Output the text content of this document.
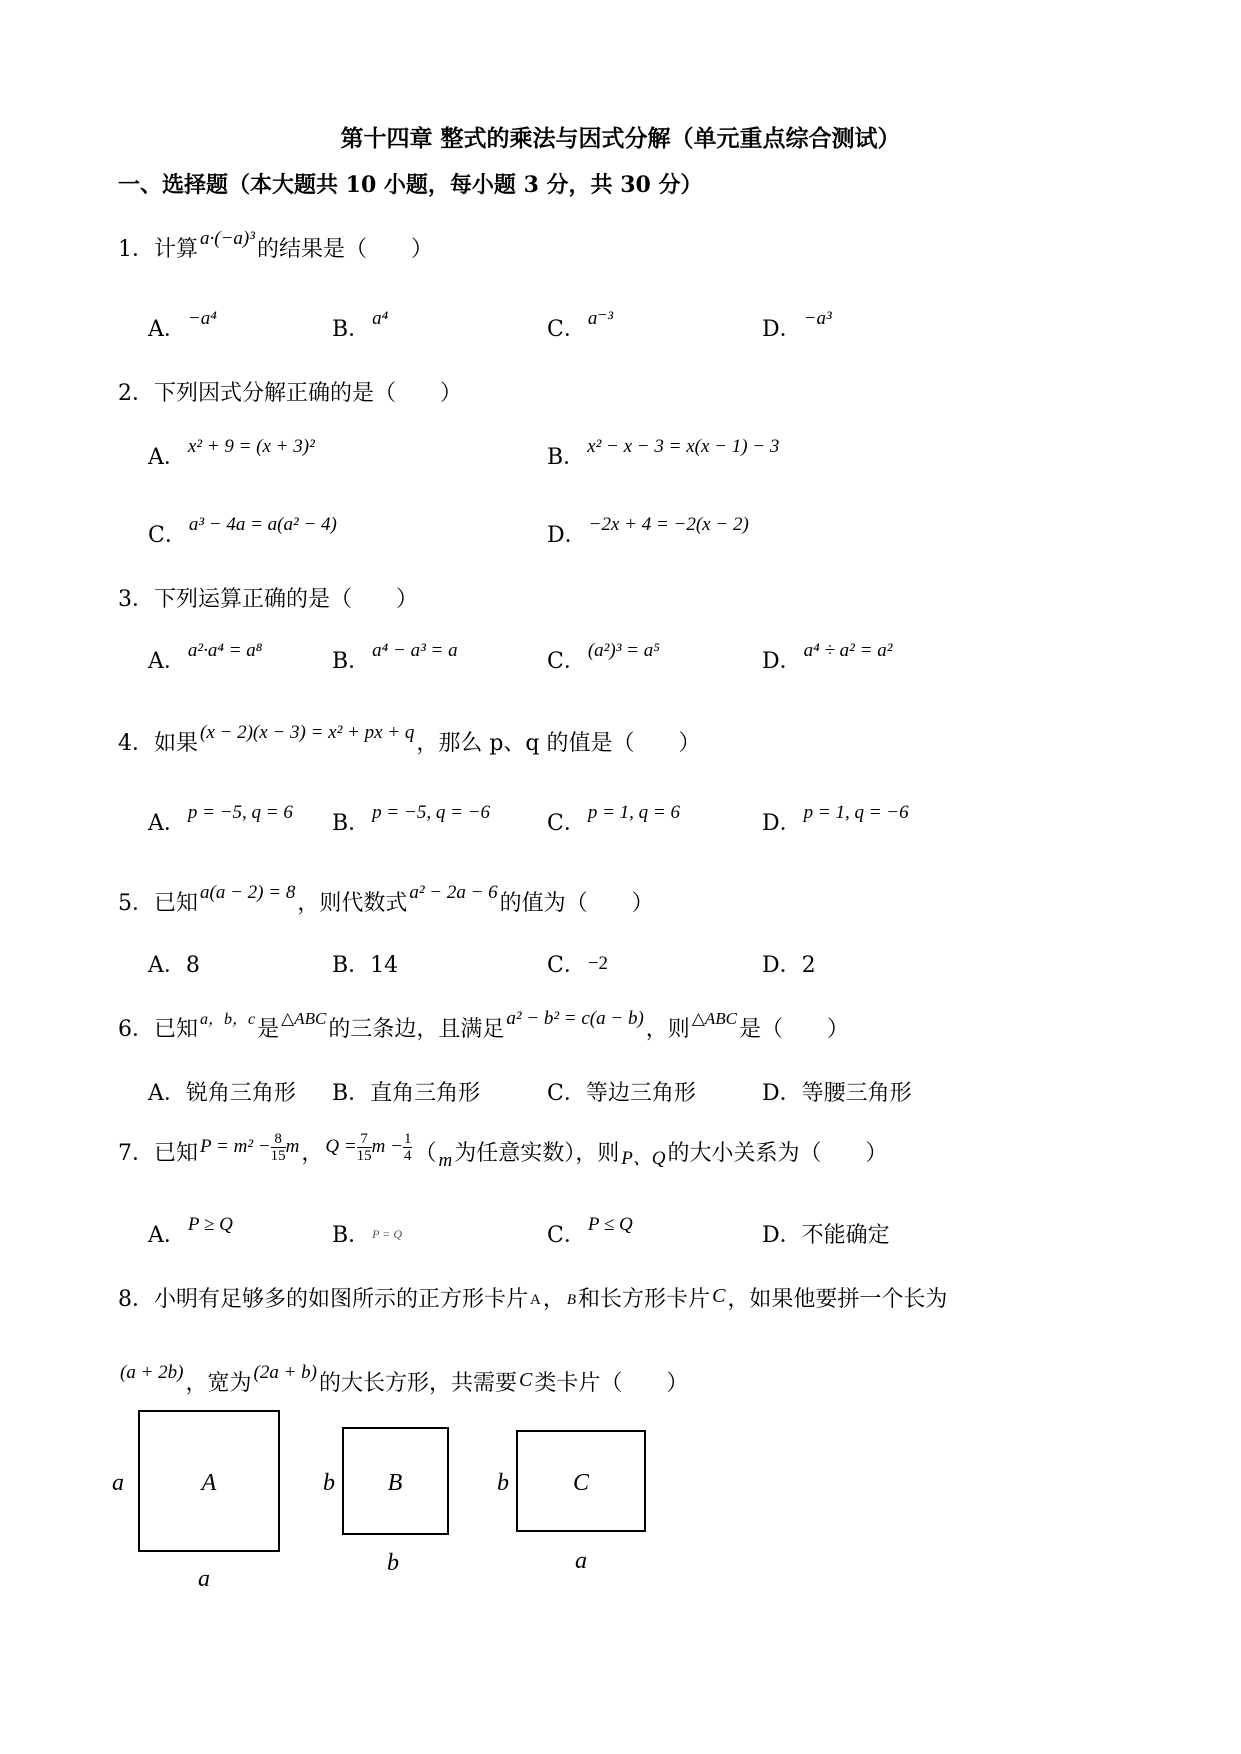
第十四章 整式的乘法与因式分解（单元重点综合测试）
一、选择题（本大题共 10 小题，每小题 3 分，共 30 分）
1．计算 a·(−a)³的结果是（　　）
A． −a⁴	B． a⁴	C． a⁻³	D． −a³
2．下列因式分解正确的是（　　）
A． x² + 9 = (x + 3)²	B． x² − x − 3 = x(x − 1) − 3
C． a³ − 4a = a(a² − 4)	D． −2x + 4 = −2(x − 2)
3．下列运算正确的是（　　）
A． a²·a⁴ = a⁸	B． a⁴ − a³ = a	C． (a²)³ = a⁵	D． a⁴ ÷ a² = a²
4．如果 (x − 2)(x − 3) = x² + px + q，那么 p、q 的值是（　　）
A． p = −5, q = 6 B． p = −5, q = −6	C． p = 1, q = 6	D． p = 1, q = −6
5．已知 a(a − 2) = 8，则代数式 a² − 2a − 6的值为（　　）
A．8	B．14	C． −2	D．2
6．已知 $^{a,b,c}$是 $^{\triangle ABC}$的三条边，且满足 a² − b² = c(a − b)，则 $^{\triangle ABC}$是（　　）
A．锐角三角形 B．直角三角形	C．等边三角形	D．等腰三角形
7．已知 $P = m^2 - \frac{8}{15}$ m， $Q = \frac{7}{15}$ $m - \frac{1}{4}$ （ m为任意实数），则 P、Q的大小关系为（　　）
A． P ≥ Q	B． P = Q	C． P ≤ Q	D．不能确定
8．小明有足够多的如图所示的正方形卡片 A， B和长方形卡片 C，如果他要拼一个长为
(a + 2b)，宽为 (2a + b)的大长方形，共需要 C类卡片（　　）
A
a
a
B
b
b
C
b
a
